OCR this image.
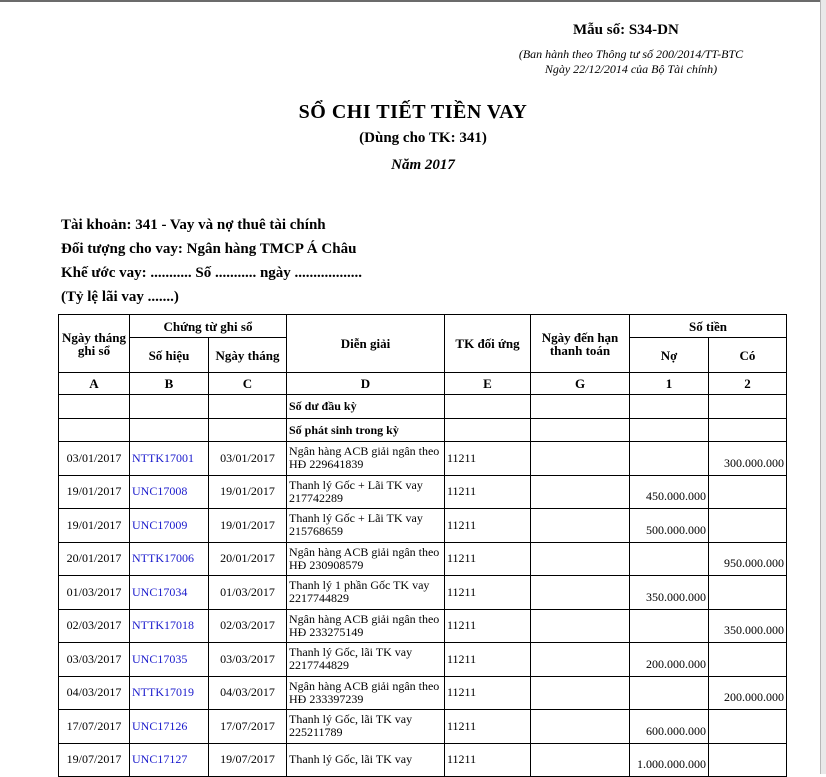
Mẫu số: S34-DN
(Ban hành theo Thông tư số 200/2014/TT-BTC
Ngày 22/12/2014 của Bộ Tài chính)
SỔ CHI TIẾT TIỀN VAY
(Dùng cho TK: 341)
Năm 2017
Tài khoản: 341 - Vay và nợ thuê tài chính
Đối tượng cho vay: Ngân hàng TMCP Á Châu
Khế ước vay: ........... Số ........... ngày ..................
(Tỷ lệ lãi vay .......)
Ngày tháng ghi sổ	Chứng từ ghi sổ		Diễn giải	TK đối ứng	Ngày đến hạn thanh toán	Số tiền	
	Số hiệu	Ngày tháng				Nợ	Có
A	B	C	D	E	G	1	2
			Số dư đầu kỳ				
			Số phát sinh trong kỳ				
03/01/2017	NTTK17001	03/01/2017	Ngân hàng ACB giải ngân theo HĐ 229641839	11211			300.000.000
19/01/2017	UNC17008	19/01/2017	Thanh lý Gốc + Lãi TK vay 217742289	11211		450.000.000	
19/01/2017	UNC17009	19/01/2017	Thanh lý Gốc + Lãi TK vay 215768659	11211		500.000.000	
20/01/2017	NTTK17006	20/01/2017	Ngân hàng ACB giải ngân theo HĐ 230908579	11211			950.000.000
01/03/2017	UNC17034	01/03/2017	Thanh lý 1 phần Gốc TK vay 2217744829	11211		350.000.000	
02/03/2017	NTTK17018	02/03/2017	Ngân hàng ACB giải ngân theo HĐ 233275149	11211			350.000.000
03/03/2017	UNC17035	03/03/2017	Thanh lý Gốc, lãi TK vay 2217744829	11211		200.000.000	
04/03/2017	NTTK17019	04/03/2017	Ngân hàng ACB giải ngân theo HĐ 233397239	11211			200.000.000
17/07/2017	UNC17126	17/07/2017	Thanh lý Gốc, lãi TK vay 225211789	11211		600.000.000	
19/07/2017	UNC17127	19/07/2017	Thanh lý Gốc, lãi TK vay	11211		1.000.000.000	
